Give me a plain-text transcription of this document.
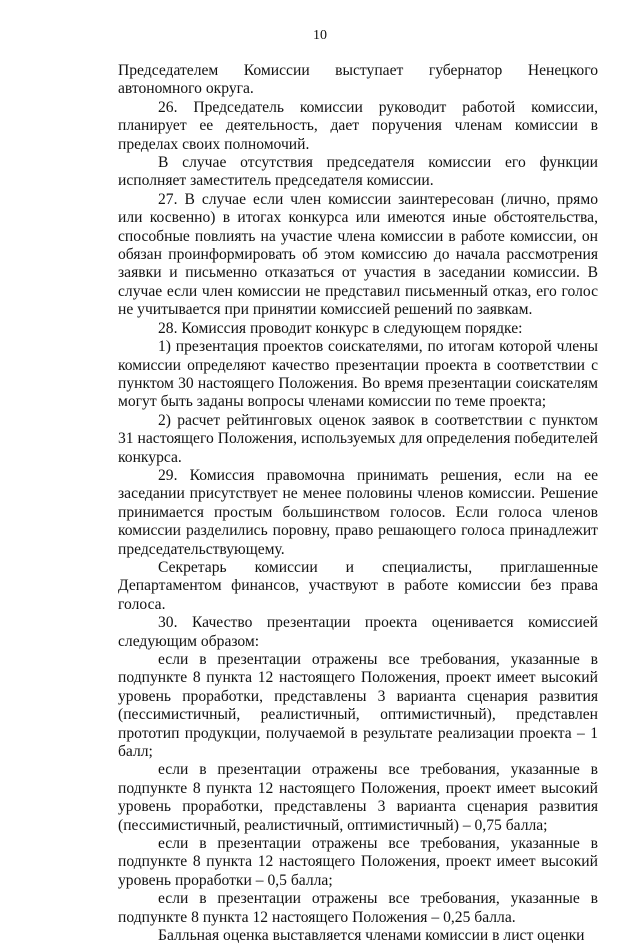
10

Председателем Комиссии выступает губернатор Ненецкого автономного округа.

26. Председатель комиссии руководит работой комиссии, планирует ее деятельность, дает поручения членам комиссии в пределах своих полномочий.

В случае отсутствия председателя комиссии его функции исполняет заместитель председателя комиссии.

27. В случае если член комиссии заинтересован (лично, прямо или косвенно) в итогах конкурса или имеются иные обстоятельства, способные повлиять на участие члена комиссии в работе комиссии, он обязан проинформировать об этом комиссию до начала рассмотрения заявки и письменно отказаться от участия в заседании комиссии. В случае если член комиссии не представил письменный отказ, его голос не учитывается при принятии комиссией решений по заявкам.

28. Комиссия проводит конкурс в следующем порядке:

1) презентация проектов соискателями, по итогам которой члены комиссии определяют качество презентации проекта в соответствии с пунктом 30 настоящего Положения. Во время презентации соискателям могут быть заданы вопросы членами комиссии по теме проекта;

2) расчет рейтинговых оценок заявок в соответствии с пунктом 31 настоящего Положения, используемых для определения победителей конкурса.

29. Комиссия правомочна принимать решения, если на ее заседании присутствует не менее половины членов комиссии. Решение принимается простым большинством голосов. Если голоса членов комиссии разделились поровну, право решающего голоса принадлежит председательствующему.

Секретарь комиссии и специалисты, приглашенные Департаментом финансов, участвуют в работе комиссии без права голоса.

30. Качество презентации проекта оценивается комиссией следующим образом:

если в презентации отражены все требования, указанные в подпункте 8 пункта 12 настоящего Положения, проект имеет высокий уровень проработки, представлены 3 варианта сценария развития (пессимистичный, реалистичный, оптимистичный), представлен прототип продукции, получаемой в результате реализации проекта – 1 балл;

если в презентации отражены все требования, указанные в подпункте 8 пункта 12 настоящего Положения, проект имеет высокий уровень проработки, представлены 3 варианта сценария развития (пессимистичный, реалистичный, оптимистичный) – 0,75 балла;

если в презентации отражены все требования, указанные в подпункте 8 пункта 12 настоящего Положения, проект имеет высокий уровень проработки – 0,5 балла;

если в презентации отражены все требования, указанные в подпункте 8 пункта 12 настоящего Положения – 0,25 балла.

Балльная оценка выставляется членами комиссии в лист оценки
